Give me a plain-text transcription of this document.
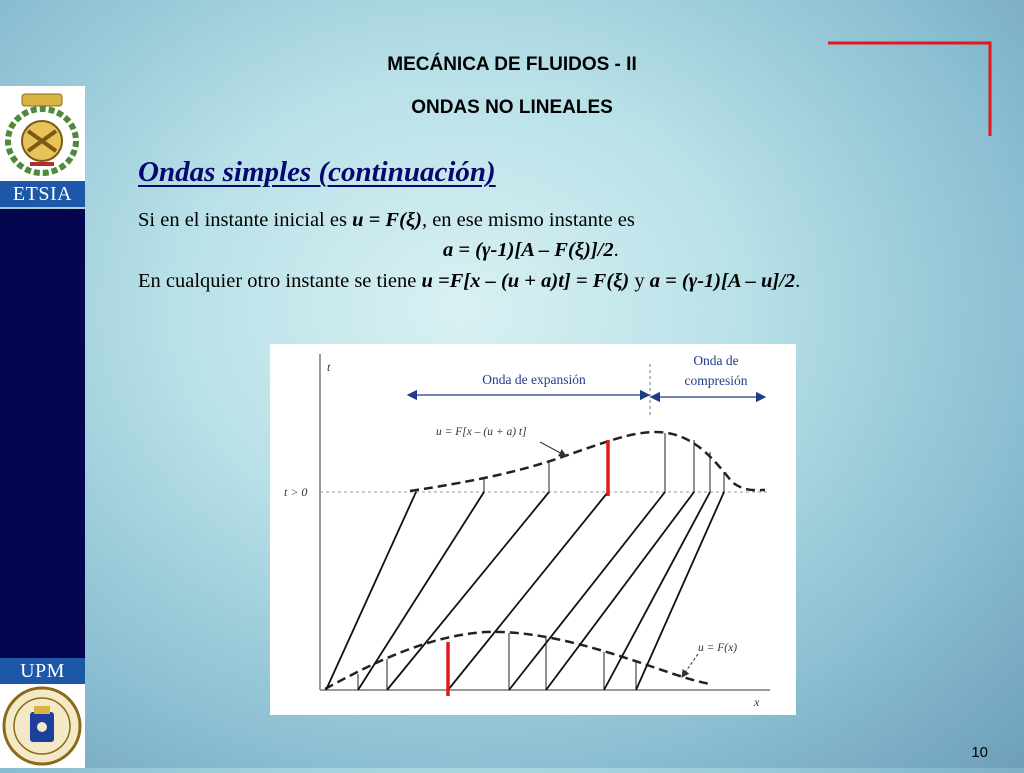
ETSIA
UPM
MECÁNICA DE FLUIDOS - II
ONDAS NO LINEALES
Ondas simples (continuación)
Si en el instante inicial es u = F(ξ), en ese mismo instante es
a = (γ-1)[A – F(ξ)]/2.
En cualquier otro instante se tiene u =F[x – (u + a)t] = F(ξ) y a = (γ-1)[A – u]/2.
t
x
t > 0
Onda de expansión
Onda de
compresión
u = F[x – (u + a) t]
u = F(x)
10
